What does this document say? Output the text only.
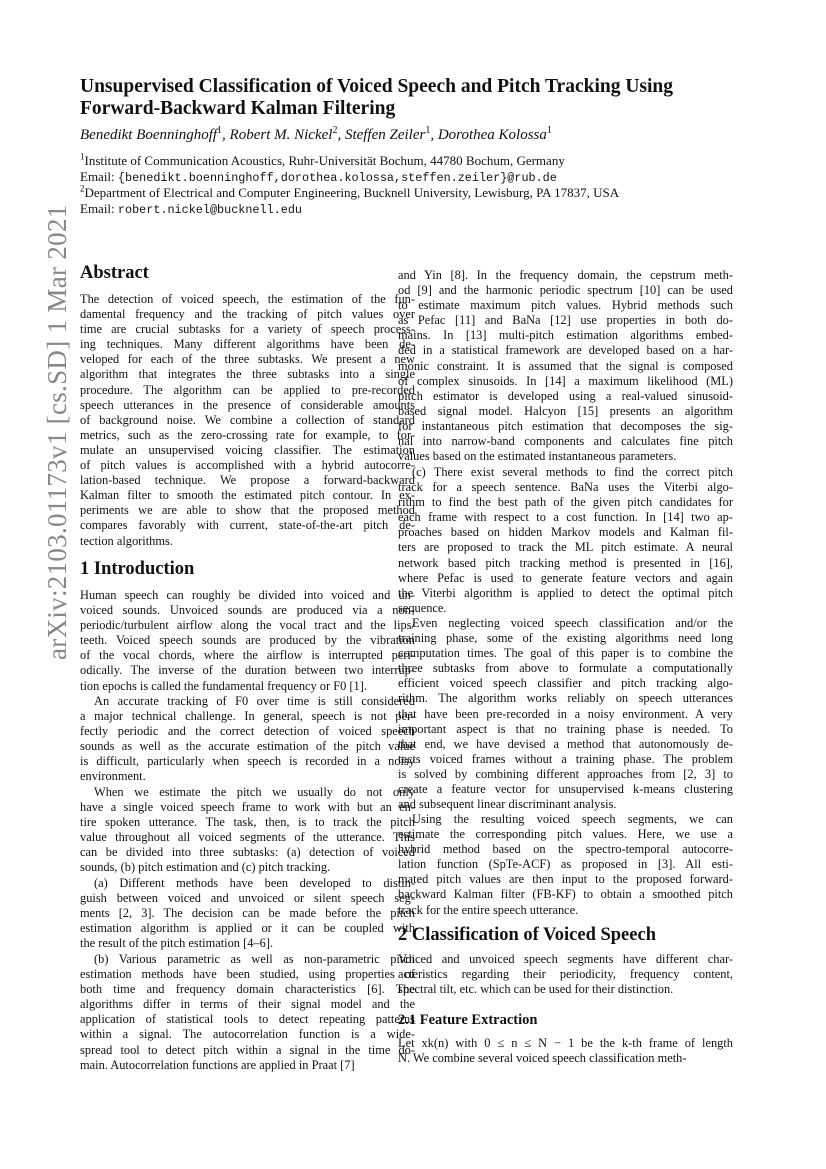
arXiv:2103.01173v1 [cs.SD] 1 Mar 2021
Unsupervised Classification of Voiced Speech and Pitch Tracking Using
Forward-Backward Kalman Filtering
Benedikt Boenninghoff$^1$, Robert M. Nickel$^2$, Steffen Zeiler$^1$, Dorothea Kolossa$^1$
$^1$Institute of Communication Acoustics, Ruhr-Universität Bochum, 44780 Bochum, Germany
Email: {benedikt.boenninghoff,dorothea.kolossa,steffen.zeiler}@rub.de
$^2$Department of Electrical and Computer Engineering, Bucknell University, Lewisburg, PA 17837, USA
Email: robert.nickel@bucknell.edu
Abstract
The detection of voiced speech, the estimation of the fun-
damental frequency and the tracking of pitch values over
time are crucial subtasks for a variety of speech process-
ing techniques. Many different algorithms have been de-
veloped for each of the three subtasks. We present a new
algorithm that integrates the three subtasks into a single
procedure. The algorithm can be applied to pre-recorded
speech utterances in the presence of considerable amounts
of background noise. We combine a collection of standard
metrics, such as the zero-crossing rate for example, to for-
mulate an unsupervised voicing classifier. The estimation
of pitch values is accomplished with a hybrid autocorre-
lation-based technique. We propose a forward-backward
Kalman filter to smooth the estimated pitch contour. In ex-
periments we are able to show that the proposed method
compares favorably with current, state-of-the-art pitch de-
tection algorithms.
1 Introduction
Human speech can roughly be divided into voiced and un-
voiced sounds. Unvoiced sounds are produced via a non-
periodic/turbulent airflow along the vocal tract and the lips/
teeth. Voiced speech sounds are produced by the vibration
of the vocal chords, where the airflow is interrupted peri-
odically. The inverse of the duration between two interrup-
tion epochs is called the fundamental frequency or F0 [1].
An accurate tracking of F0 over time is still considered
a major technical challenge. In general, speech is not per-
fectly periodic and the correct detection of voiced speech
sounds as well as the accurate estimation of the pitch value
is difficult, particularly when speech is recorded in a noisy
environment.
When we estimate the pitch we usually do not only
have a single voiced speech frame to work with but an en-
tire spoken utterance. The task, then, is to track the pitch
value throughout all voiced segments of the utterance. This
can be divided into three subtasks: (a) detection of voiced
sounds, (b) pitch estimation and (c) pitch tracking.
(a) Different methods have been developed to distin-
guish between voiced and unvoiced or silent speech seg-
ments [2, 3]. The decision can be made before the pitch
estimation algorithm is applied or it can be coupled with
the result of the pitch estimation [4–6].
(b) Various parametric as well as non-parametric pitch
estimation methods have been studied, using properties of
both time and frequency domain characteristics [6]. The
algorithms differ in terms of their signal model and the
application of statistical tools to detect repeating patterns
within a signal. The autocorrelation function is a wide-
spread tool to detect pitch within a signal in the time do-
main. Autocorrelation functions are applied in Praat [7]
and Yin [8]. In the frequency domain, the cepstrum meth-
od [9] and the harmonic periodic spectrum [10] can be used
to estimate maximum pitch values. Hybrid methods such
as Pefac [11] and BaNa [12] use properties in both do-
mains. In [13] multi-pitch estimation algorithms embed-
ded in a statistical framework are developed based on a har-
monic constraint. It is assumed that the signal is composed
of complex sinusoids. In [14] a maximum likelihood (ML)
pitch estimator is developed using a real-valued sinusoid-
based signal model. Halcyon [15] presents an algorithm
for instantaneous pitch estimation that decomposes the sig-
nal into narrow-band components and calculates fine pitch
values based on the estimated instantaneous parameters.
(c) There exist several methods to find the correct pitch
track for a speech sentence. BaNa uses the Viterbi algo-
rithm to find the best path of the given pitch candidates for
each frame with respect to a cost function. In [14] two ap-
proaches based on hidden Markov models and Kalman fil-
ters are proposed to track the ML pitch estimate. A neural
network based pitch tracking method is presented in [16],
where Pefac is used to generate feature vectors and again
the Viterbi algorithm is applied to detect the optimal pitch
sequence.
Even neglecting voiced speech classification and/or the
training phase, some of the existing algorithms need long
computation times. The goal of this paper is to combine the
three subtasks from above to formulate a computationally
efficient voiced speech classifier and pitch tracking algo-
rithm. The algorithm works reliably on speech utterances
that have been pre-recorded in a noisy environment. A very
important aspect is that no training phase is needed. To
that end, we have devised a method that autonomously de-
tects voiced frames without a training phase. The problem
is solved by combining different approaches from [2, 3] to
create a feature vector for unsupervised k-means clustering
and subsequent linear discriminant analysis.
Using the resulting voiced speech segments, we can
estimate the corresponding pitch values. Here, we use a
hybrid method based on the spectro-temporal autocorre-
lation function (SpTe-ACF) as proposed in [3]. All esti-
mated pitch values are then input to the proposed forward-
backward Kalman filter (FB-KF) to obtain a smoothed pitch
track for the entire speech utterance.
2 Classification of Voiced Speech
Voiced and unvoiced speech segments have different char-
acteristics regarding their periodicity, frequency content,
spectral tilt, etc. which can be used for their distinction.
2.1 Feature Extraction
Let xk(n) with 0 ≤ n ≤ N − 1 be the k-th frame of length
N. We combine several voiced speech classification meth-
